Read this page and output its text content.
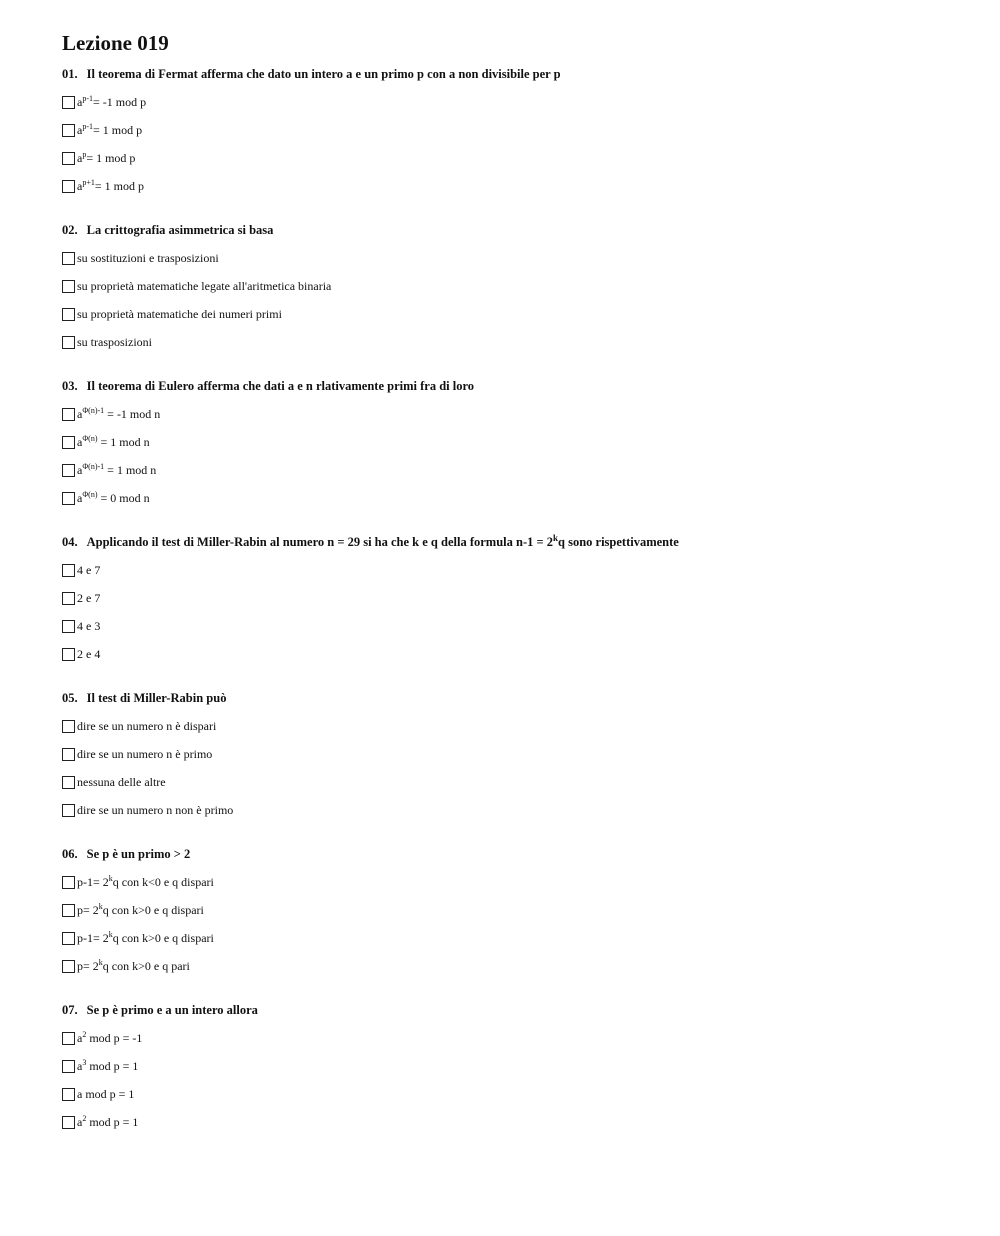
Lezione 019
01. Il teorema di Fermat afferma che dato un intero a e un primo p con a non divisibile per p
$a^{p-1}= -1$ mod p
$a^{p-1}= 1$ mod p
$a^p= 1$ mod p
$a^{p+1}= 1$ mod p
02. La crittografia asimmetrica si basa
su sostituzioni e trasposizioni
su proprietà matematiche legate all'aritmetica binaria
su proprietà matematiche dei numeri primi
su trasposizioni
03. Il teorema di Eulero afferma che dati a e n rlativamente primi fra di loro
$a^{\Phi(n)-1} = -1$ mod n
$a^{\Phi(n)} = 1$ mod n
$a^{\Phi(n)-1} = 1$ mod n
$a^{\Phi(n)} = 0$ mod n
04. Applicando il test di Miller-Rabin al numero n = 29 si ha che k e q della formula $n-1 = 2^kq$ sono rispettivamente
4 e 7
2 e 7
4 e 3
2 e 4
05. Il test di Miller-Rabin può
dire se un numero n è dispari
dire se un numero n è primo
nessuna delle altre
dire se un numero n non è primo
06. Se p è un primo > 2
$p-1= 2^kq$ con k<0 e q dispari
$p= 2^kq$ con k>0 e q dispari
$p-1= 2^kq$ con k>0 e q dispari
$p= 2^kq$ con k>0 e q pari
07. Se p è primo e a un intero allora
$a^2$ mod p = -1
$a^3$ mod p = 1
a mod p = 1
$a^2$ mod p = 1
